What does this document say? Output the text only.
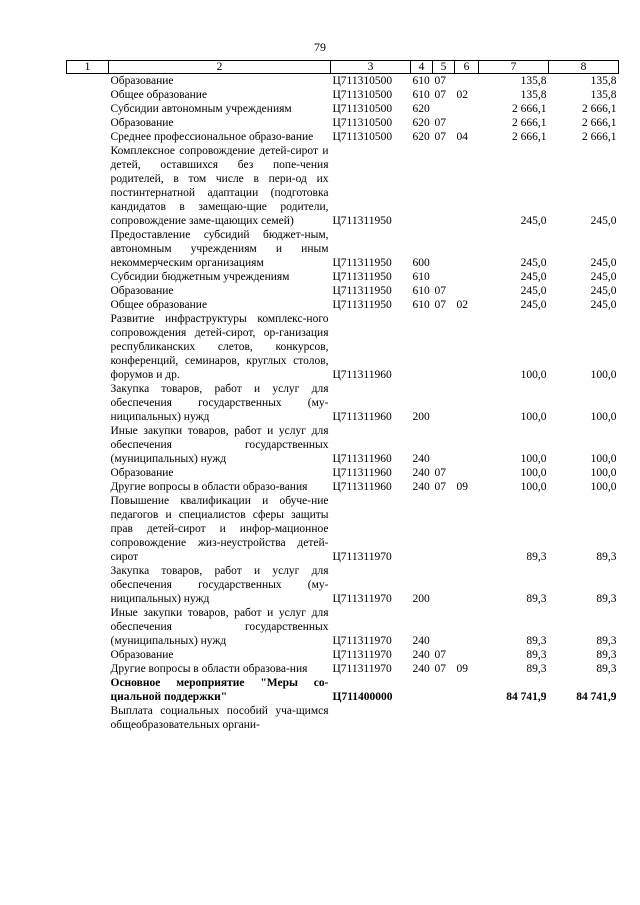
79
1	2	3	4	5	6	7	8
	Образование	Ц711310500	610	07		135,8	135,8
	Общее образование	Ц711310500	610	07	02	135,8	135,8
	Субсидии автономным учреждениям	Ц711310500	620			2 666,1	2 666,1
	Образование	Ц711310500	620	07		2 666,1	2 666,1
	Среднее профессиональное образо-вание	Ц711310500	620	07	04	2 666,1	2 666,1
	Комплексное сопровождение детей-сирот и детей, оставшихся без попе-чения родителей, в том числе в пери-од их постинтернатной адаптации (подготовка кандидатов в замещаю-щие родители, сопровождение заме-щающих семей)	Ц711311950				245,0	245,0
	Предоставление субсидий бюджет-ным, автономным учреждениям и иным некоммерческим организациям	Ц711311950	600			245,0	245,0
	Субсидии бюджетным учреждениям	Ц711311950	610			245,0	245,0
	Образование	Ц711311950	610	07		245,0	245,0
	Общее образование	Ц711311950	610	07	02	245,0	245,0
	Развитие инфраструктуры комплекс-ного сопровождения детей-сирот, ор-ганизация республиканских слетов, конкурсов, конференций, семинаров, круглых столов, форумов и др.	Ц711311960				100,0	100,0
	Закупка товаров, работ и услуг для обеспечения государственных (му-ниципальных) нужд	Ц711311960	200			100,0	100,0
	Иные закупки товаров, работ и услуг для обеспечения государственных (муниципальных) нужд	Ц711311960	240			100,0	100,0
	Образование	Ц711311960	240	07		100,0	100,0
	Другие вопросы в области образо-вания	Ц711311960	240	07	09	100,0	100,0
	Повышение квалификации и обуче-ние педагогов и специалистов сферы защиты прав детей-сирот и инфор-мационное сопровождение жиз-неустройства детей-сирот	Ц711311970				89,3	89,3
	Закупка товаров, работ и услуг для обеспечения государственных (му-ниципальных) нужд	Ц711311970	200			89,3	89,3
	Иные закупки товаров, работ и услуг для обеспечения государственных (муниципальных) нужд	Ц711311970	240			89,3	89,3
	Образование	Ц711311970	240	07		89,3	89,3
	Другие вопросы в области образова-ния	Ц711311970	240	07	09	89,3	89,3
	Основное мероприятие "Меры со-циальной поддержки"	Ц711400000				84 741,9	84 741,9
	Выплата социальных пособий уча-щимся общеобразовательных органи-						
